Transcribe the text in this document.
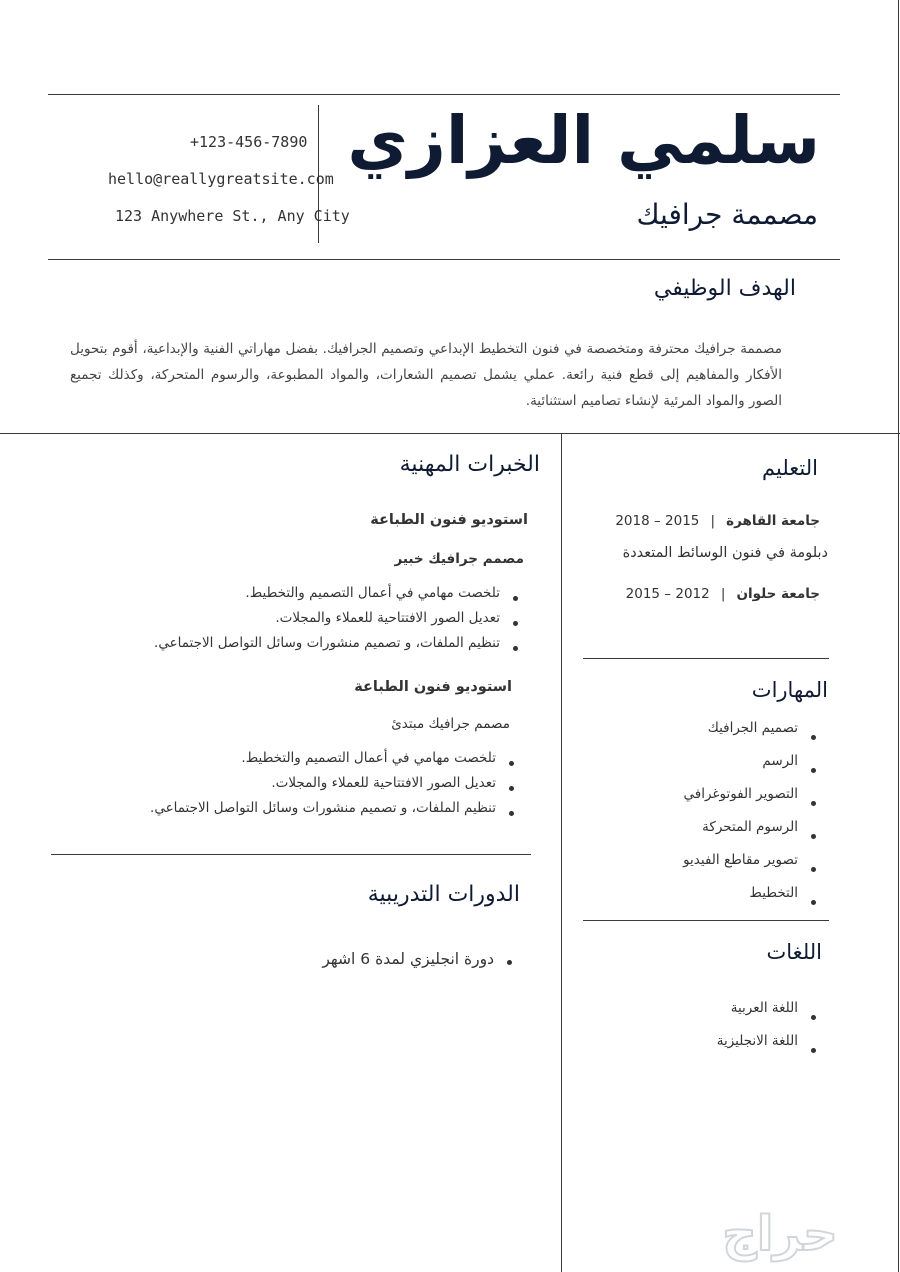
سلمي العزازي
مصممة جرافيك
+123-456-7890
hello@reallygreatsite.com
123 Anywhere St., Any City
الهدف الوظيفي
مصممة جرافيك محترفة ومتخصصة في فنون التخطيط الإبداعي وتصميم الجرافيك. بفضل مهاراتي الفنية والإبداعية، أقوم بتحويل الأفكار والمفاهيم إلى قطع فنية رائعة. عملي يشمل تصميم الشعارات، والمواد المطبوعة، والرسوم المتحركة، وكذلك تجميع الصور والمواد المرئية لإنشاء تصاميم استثنائية.
التعليم
جامعة القاهرة | 2015 – 2018
دبلومة في فنون الوسائط المتعددة
جامعة حلوان | 2012 – 2015
المهارات
تصميم الجرافيك
الرسم
التصوير الفوتوغرافي
الرسوم المتحركة
تصوير مقاطع الفيديو
التخطيط
اللغات
اللغة العربية
اللغة الانجليزية
الخبرات المهنية
استوديو فنون الطباعة
مصمم جرافيك خبير
تلخصت مهامي في أعمال التصميم والتخطيط.
تعديل الصور الافتتاحية للعملاء والمجلات.
تنظيم الملفات، و تصميم منشورات وسائل التواصل الاجتماعي.
استوديو فنون الطباعة
مصمم جرافيك مبتدئ
تلخصت مهامي في أعمال التصميم والتخطيط.
تعديل الصور الافتتاحية للعملاء والمجلات.
تنظيم الملفات، و تصميم منشورات وسائل التواصل الاجتماعي.
الدورات التدريبية
دورة انجليزي لمدة 6 اشهر
حراج
